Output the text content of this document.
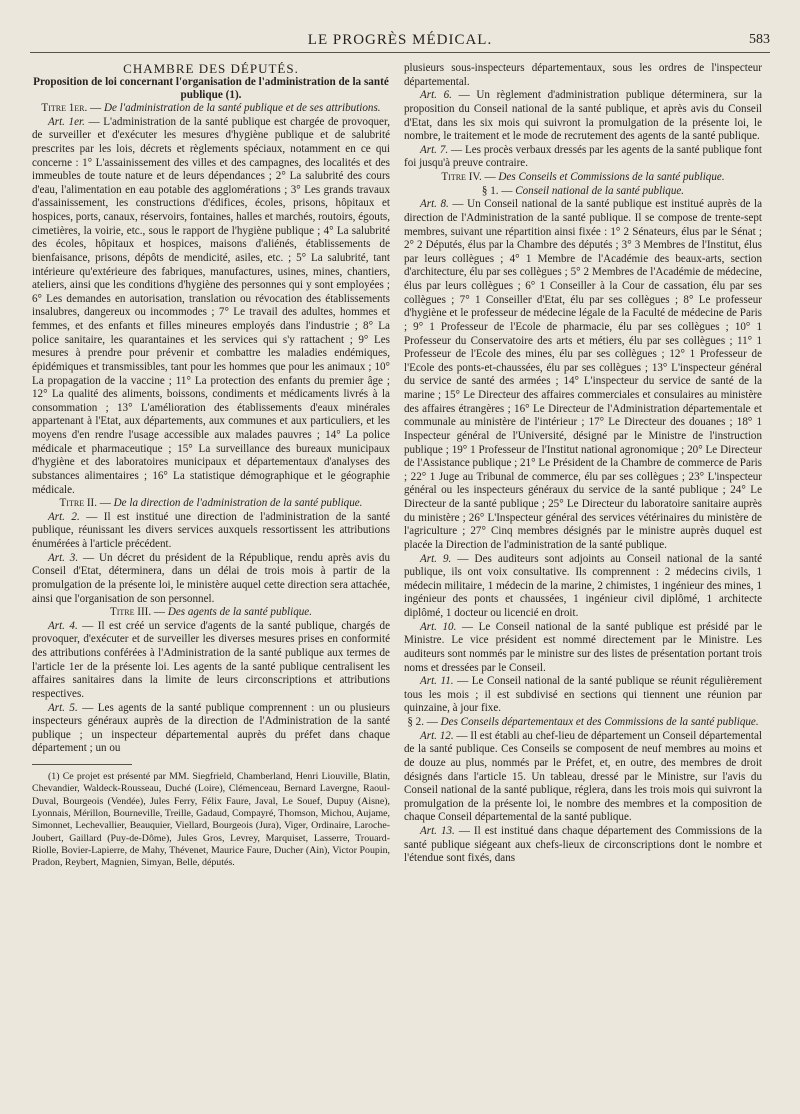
LE PROGRÈS MÉDICAL.	583

CHAMBRE DES DÉPUTÉS.

Proposition de loi concernant l'organisation de l'administration de la santé publique (1).

Titre 1er. — De l'administration de la santé publique et de ses attributions.

Art. 1er. — L'administration de la santé publique est chargée de provoquer, de surveiller et d'exécuter les mesures d'hygiène publique et de salubrité prescrites par les lois, décrets et règlements spéciaux, notamment en ce qui concerne : 1° L'assainissement des villes et des campagnes, des localités et des immeubles de toute nature et de leurs dépendances ; 2° La salubrité des cours d'eau, l'alimentation en eau potable des agglomérations ; 3° Les grands travaux d'assainissement, les constructions d'édifices, écoles, prisons, hôpitaux et hospices, ports, canaux, réservoirs, fontaines, halles et marchés, routoirs, égouts, cimetières, la voirie, etc., sous le rapport de l'hygiène publique ; 4° La salubrité des écoles, hôpitaux et hospices, maisons d'aliénés, établissements de bienfaisance, prisons, dépôts de mendicité, asiles, etc. ; 5° La salubrité, tant intérieure qu'extérieure des fabriques, manufactures, usines, mines, chantiers, ateliers, ainsi que les conditions d'hygiène des personnes qui y sont employées ; 6° Les demandes en autorisation, translation ou révocation des établissements insalubres, dangereux ou incommodes ; 7° Le travail des adultes, hommes et femmes, et des enfants et filles mineures employés dans l'industrie ; 8° La police sanitaire, les quarantaines et les services qui s'y rattachent ; 9° Les mesures à prendre pour prévenir et combattre les maladies endémiques, épidémiques et transmissibles, tant pour les hommes que pour les animaux ; 10° La propagation de la vaccine ; 11° La protection des enfants du premier âge ; 12° La qualité des aliments, boissons, condiments et médicaments livrés à la consommation ; 13° L'amélioration des établissements d'eaux minérales appartenant à l'Etat, aux départements, aux communes et aux particuliers, et les moyens d'en rendre l'usage accessible aux malades pauvres ; 14° La police médicale et pharmaceutique ; 15° La surveillance des bureaux municipaux d'hygiène et des laboratoires municipaux et départementaux d'analyses des substances alimentaires ; 16° La statistique démographique et le géographie médicale.

Titre II. — De la direction de l'administration de la santé publique.

Art. 2. — Il est institué une direction de l'administration de la santé publique, réunissant les divers services auxquels ressortissent les attributions énumérées à l'article précédent.

Art. 3. — Un décret du président de la République, rendu après avis du Conseil d'Etat, déterminera, dans un délai de trois mois à partir de la promulgation de la présente loi, le ministère auquel cette direction sera attachée, ainsi que l'organisation de son personnel.

Titre III. — Des agents de la santé publique.

Art. 4. — Il est créé un service d'agents de la santé publique, chargés de provoquer, d'exécuter et de surveiller les diverses mesures prises en conformité des attributions conférées à l'Administration de la santé publique aux termes de l'article 1er de la présente loi. Les agents de la santé publique centralisent les affaires sanitaires dans la limite de leurs circonscriptions et attributions respectives.

Art. 5. — Les agents de la santé publique comprennent : un ou plusieurs inspecteurs généraux auprès de la direction de l'Administration de la santé publique ; un inspecteur départemental auprès du préfet dans chaque département ; un ou

(1) Ce projet est présenté par MM. Siegfrield, Chamberland, Henri Liouville, Blatin, Chevandier, Waldeck-Rousseau, Duché (Loire), Clémenceau, Bernard Lavergne, Raoul-Duval, Bourgeois (Vendée), Jules Ferry, Félix Faure, Javal, Le Souef, Dupuy (Aisne), Lyonnais, Mérillon, Bourneville, Treille, Gadaud, Compayré, Thomson, Michou, Aujame, Simonnet, Lechevallier, Beauquier, Viellard, Bourgeois (Jura), Viger, Ordinaire, Laroche-Joubert, Gaillard (Puy-de-Dôme), Jules Gros, Levrey, Marquiset, Lasserre, Trouard-Riolle, Bovier-Lapierre, de Mahy, Thévenet, Maurice Faure, Ducher (Ain), Victor Poupin, Pradon, Reybert, Magnien, Simyan, Belle, députés.

plusieurs sous-inspecteurs départementaux, sous les ordres de l'inspecteur départemental.

Art. 6. — Un règlement d'administration publique déterminera, sur la proposition du Conseil national de la santé publique, et après avis du Conseil d'Etat, dans les six mois qui suivront la promulgation de la présente loi, le nombre, le traitement et le mode de recrutement des agents de la santé publique.

Art. 7. — Les procès verbaux dressés par les agents de la santé publique font foi jusqu'à preuve contraire.

Titre IV. — Des Conseils et Commissions de la santé publique.

§ 1. — Conseil national de la santé publique.

Art. 8. — Un Conseil national de la santé publique est institué auprès de la direction de l'Administration de la santé publique. Il se compose de trente-sept membres, suivant une répartition ainsi fixée : 1° 2 Sénateurs, élus par le Sénat ; 2° 2 Députés, élus par la Chambre des députés ; 3° 3 Membres de l'Institut, élus par leurs collègues ; 4° 1 Membre de l'Académie des beaux-arts, section d'architecture, élu par ses collègues ; 5° 2 Membres de l'Académie de médecine, élus par leurs collègues ; 6° 1 Conseiller à la Cour de cassation, élu par ses collègues ; 7° 1 Conseiller d'Etat, élu par ses collègues ; 8° Le professeur d'hygiène et le professeur de médecine légale de la Faculté de médecine de Paris ; 9° 1 Professeur de l'Ecole de pharmacie, élu par ses collègues ; 10° 1 Professeur du Conservatoire des arts et métiers, élu par ses collègues ; 11° 1 Professeur de l'Ecole des mines, élu par ses collègues ; 12° 1 Professeur de l'Ecole des ponts-et-chaussées, élu par ses collègues ; 13° L'inspecteur général du service de santé des armées ; 14° L'inspecteur du service de santé de la marine ; 15° Le Directeur des affaires commerciales et consulaires au ministère des affaires étrangères ; 16° Le Directeur de l'Administration départementale et communale au ministère de l'intérieur ; 17° Le Directeur des douanes ; 18° 1 Inspecteur général de l'Université, désigné par le Ministre de l'instruction publique ; 19° 1 Professeur de l'Institut national agronomique ; 20° Le Directeur de l'Assistance publique ; 21° Le Président de la Chambre de commerce de Paris ; 22° 1 Juge au Tribunal de commerce, élu par ses collègues ; 23° L'inspecteur général ou les inspecteurs généraux du service de la santé publique ; 24° Le Directeur de la santé publique ; 25° Le Directeur du laboratoire sanitaire auprès du ministère ; 26° L'Inspecteur général des services vétérinaires du ministère de l'agriculture ; 27° Cinq membres désignés par le ministre auprès duquel est placée la Direction de l'administration de la santé publique.

Art. 9. — Des auditeurs sont adjoints au Conseil national de la santé publique, ils ont voix consultative. Ils comprennent : 2 médecins civils, 1 médecin militaire, 1 médecin de la marine, 2 chimistes, 1 ingénieur des mines, 1 ingénieur des ponts et chaussées, 1 ingénieur civil diplômé, 1 architecte diplômé, 1 docteur ou licencié en droit.

Art. 10. — Le Conseil national de la santé publique est présidé par le Ministre. Le vice président est nommé directement par le Ministre. Les auditeurs sont nommés par le ministre sur des listes de présentation portant trois noms et dressées par le Conseil.

Art. 11. — Le Conseil national de la santé publique se réunit régulièrement tous les mois ; il est subdivisé en sections qui tiennent une réunion par quinzaine, à jour fixe.

§ 2. — Des Conseils départementaux et des Commissions de la santé publique.

Art. 12. — Il est établi au chef-lieu de département un Conseil départemental de la santé publique. Ces Conseils se composent de neuf membres au moins et de douze au plus, nommés par le Préfet, et, en outre, des membres de droit désignés dans l'article 15. Un tableau, dressé par le Ministre, sur l'avis du Conseil national de la santé publique, réglera, dans les trois mois qui suivront la promulgation de la présente loi, le nombre des membres et la composition de chaque Conseil départemental de la santé publique.

Art. 13. — Il est institué dans chaque département des Commissions de la santé publique siégeant aux chefs-lieux de circonscriptions dont le nombre et l'étendue sont fixés, dans
